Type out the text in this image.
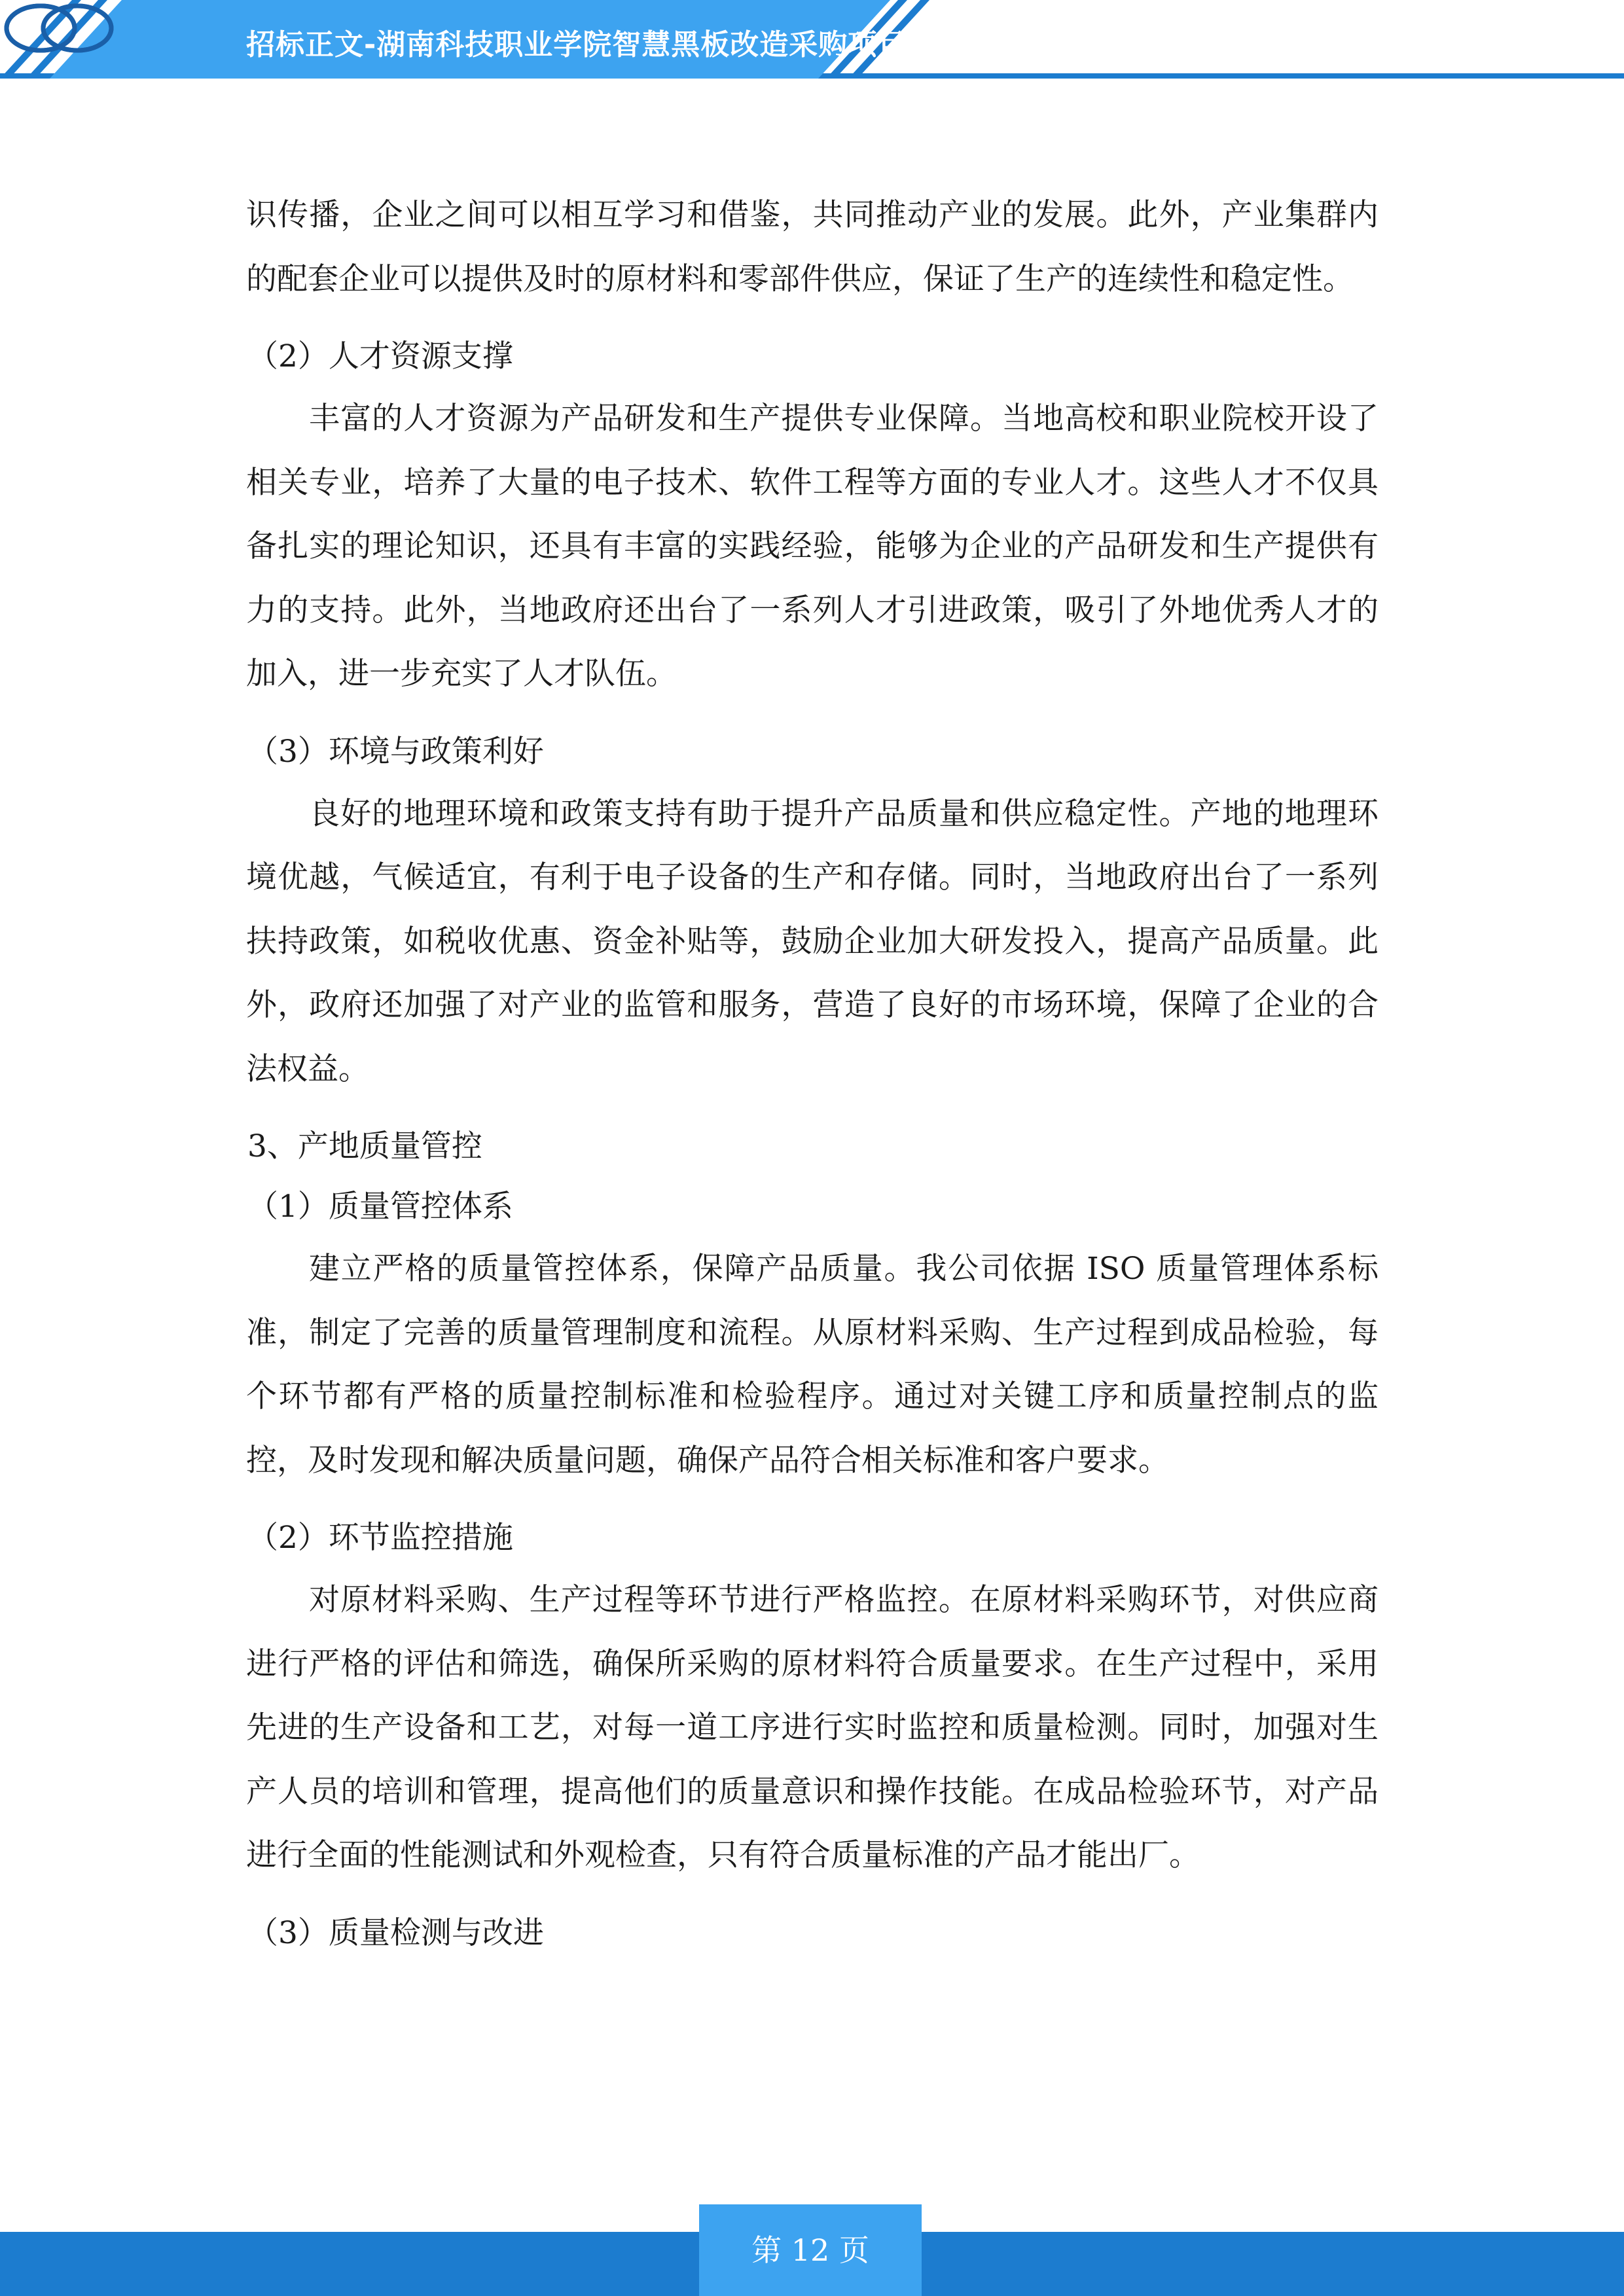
招标正文-湖南科技职业学院智慧黑板改造采购项目

识传播，企业之间可以相互学习和借鉴，共同推动产业的发展。此外，产业集群内的配套企业可以提供及时的原材料和零部件供应，保证了生产的连续性和稳定性。

（2）人才资源支撑

丰富的人才资源为产品研发和生产提供专业保障。当地高校和职业院校开设了相关专业，培养了大量的电子技术、软件工程等方面的专业人才。这些人才不仅具备扎实的理论知识，还具有丰富的实践经验，能够为企业的产品研发和生产提供有力的支持。此外，当地政府还出台了一系列人才引进政策，吸引了外地优秀人才的加入，进一步充实了人才队伍。

（3）环境与政策利好

良好的地理环境和政策支持有助于提升产品质量和供应稳定性。产地的地理环境优越，气候适宜，有利于电子设备的生产和存储。同时，当地政府出台了一系列扶持政策，如税收优惠、资金补贴等，鼓励企业加大研发投入，提高产品质量。此外，政府还加强了对产业的监管和服务，营造了良好的市场环境，保障了企业的合法权益。

3、产地质量管控
（1）质量管控体系

建立严格的质量管控体系，保障产品质量。我公司依据 ISO 质量管理体系标准，制定了完善的质量管理制度和流程。从原材料采购、生产过程到成品检验，每个环节都有严格的质量控制标准和检验程序。通过对关键工序和质量控制点的监控，及时发现和解决质量问题，确保产品符合相关标准和客户要求。

（2）环节监控措施

对原材料采购、生产过程等环节进行严格监控。在原材料采购环节，对供应商进行严格的评估和筛选，确保所采购的原材料符合质量要求。在生产过程中，采用先进的生产设备和工艺，对每一道工序进行实时监控和质量检测。同时，加强对生产人员的培训和管理，提高他们的质量意识和操作技能。在成品检验环节，对产品进行全面的性能测试和外观检查，只有符合质量标准的产品才能出厂。

（3）质量检测与改进
第 12 页
